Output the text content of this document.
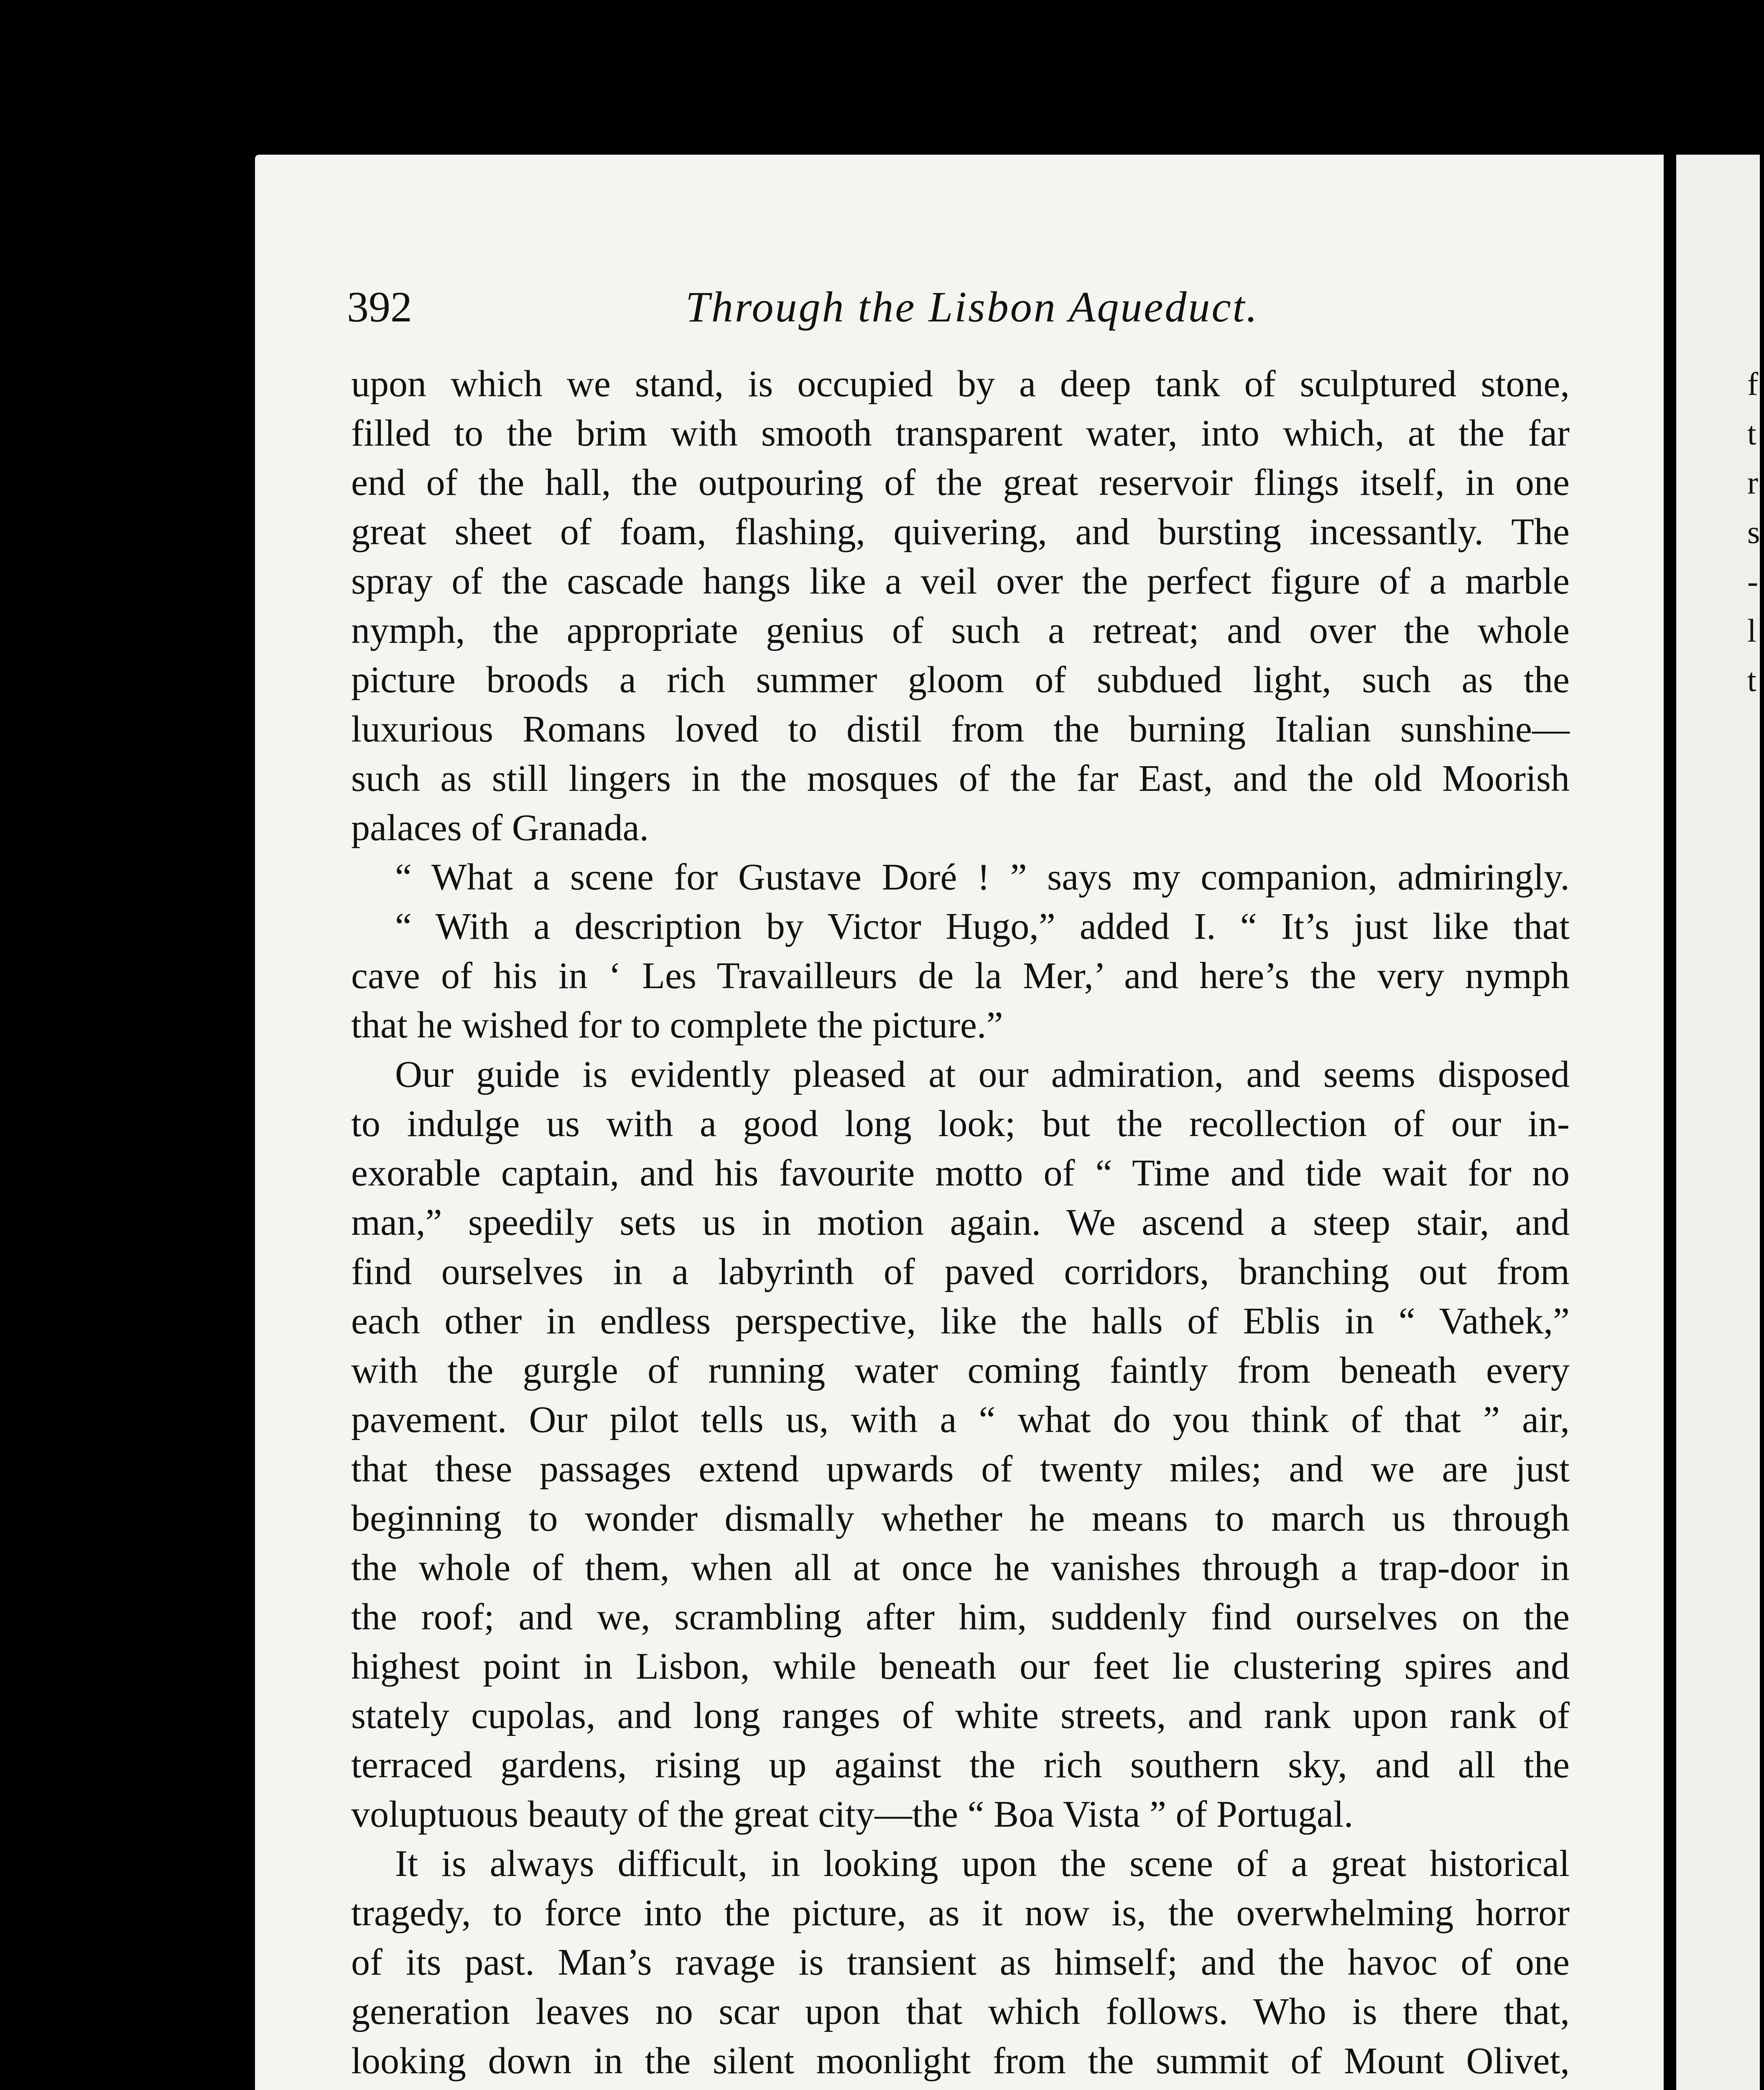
f
t
r
s
-
l
t
392	Through the Lisbon Aqueduct.
upon which we stand, is occupied by a deep tank of sculptured stone,
filled to the brim with smooth transparent water, into which, at the far
end of the hall, the outpouring of the great reservoir flings itself, in one
great sheet of foam, flashing, quivering, and bursting incessantly. The
spray of the cascade hangs like a veil over the perfect figure of a marble
nymph, the appropriate genius of such a retreat; and over the whole
picture broods a rich summer gloom of subdued light, such as the
luxurious Romans loved to distil from the burning Italian sunshine—
such as still lingers in the mosques of the far East, and the old Moorish
palaces of Granada.
“ What a scene for Gustave Doré ! ” says my companion, admiringly.
“ With a description by Victor Hugo,” added I. “ It’s just like that
cave of his in ‘ Les Travailleurs de la Mer,’ and here’s the very nymph
that he wished for to complete the picture.”
Our guide is evidently pleased at our admiration, and seems disposed
to indulge us with a good long look; but the recollection of our in-
exorable captain, and his favourite motto of “ Time and tide wait for no
man,” speedily sets us in motion again. We ascend a steep stair, and
find ourselves in a labyrinth of paved corridors, branching out from
each other in endless perspective, like the halls of Eblis in “ Vathek,”
with the gurgle of running water coming faintly from beneath every
pavement. Our pilot tells us, with a “ what do you think of that ” air,
that these passages extend upwards of twenty miles; and we are just
beginning to wonder dismally whether he means to march us through
the whole of them, when all at once he vanishes through a trap-door in
the roof; and we, scrambling after him, suddenly find ourselves on the
highest point in Lisbon, while beneath our feet lie clustering spires and
stately cupolas, and long ranges of white streets, and rank upon rank of
terraced gardens, rising up against the rich southern sky, and all the
voluptuous beauty of the great city—the “ Boa Vista ” of Portugal.
It is always difficult, in looking upon the scene of a great historical
tragedy, to force into the picture, as it now is, the overwhelming horror
of its past. Man’s ravage is transient as himself; and the havoc of one
generation leaves no scar upon that which follows. Who is there that,
looking down in the silent moonlight from the summit of Mount Olivet,
